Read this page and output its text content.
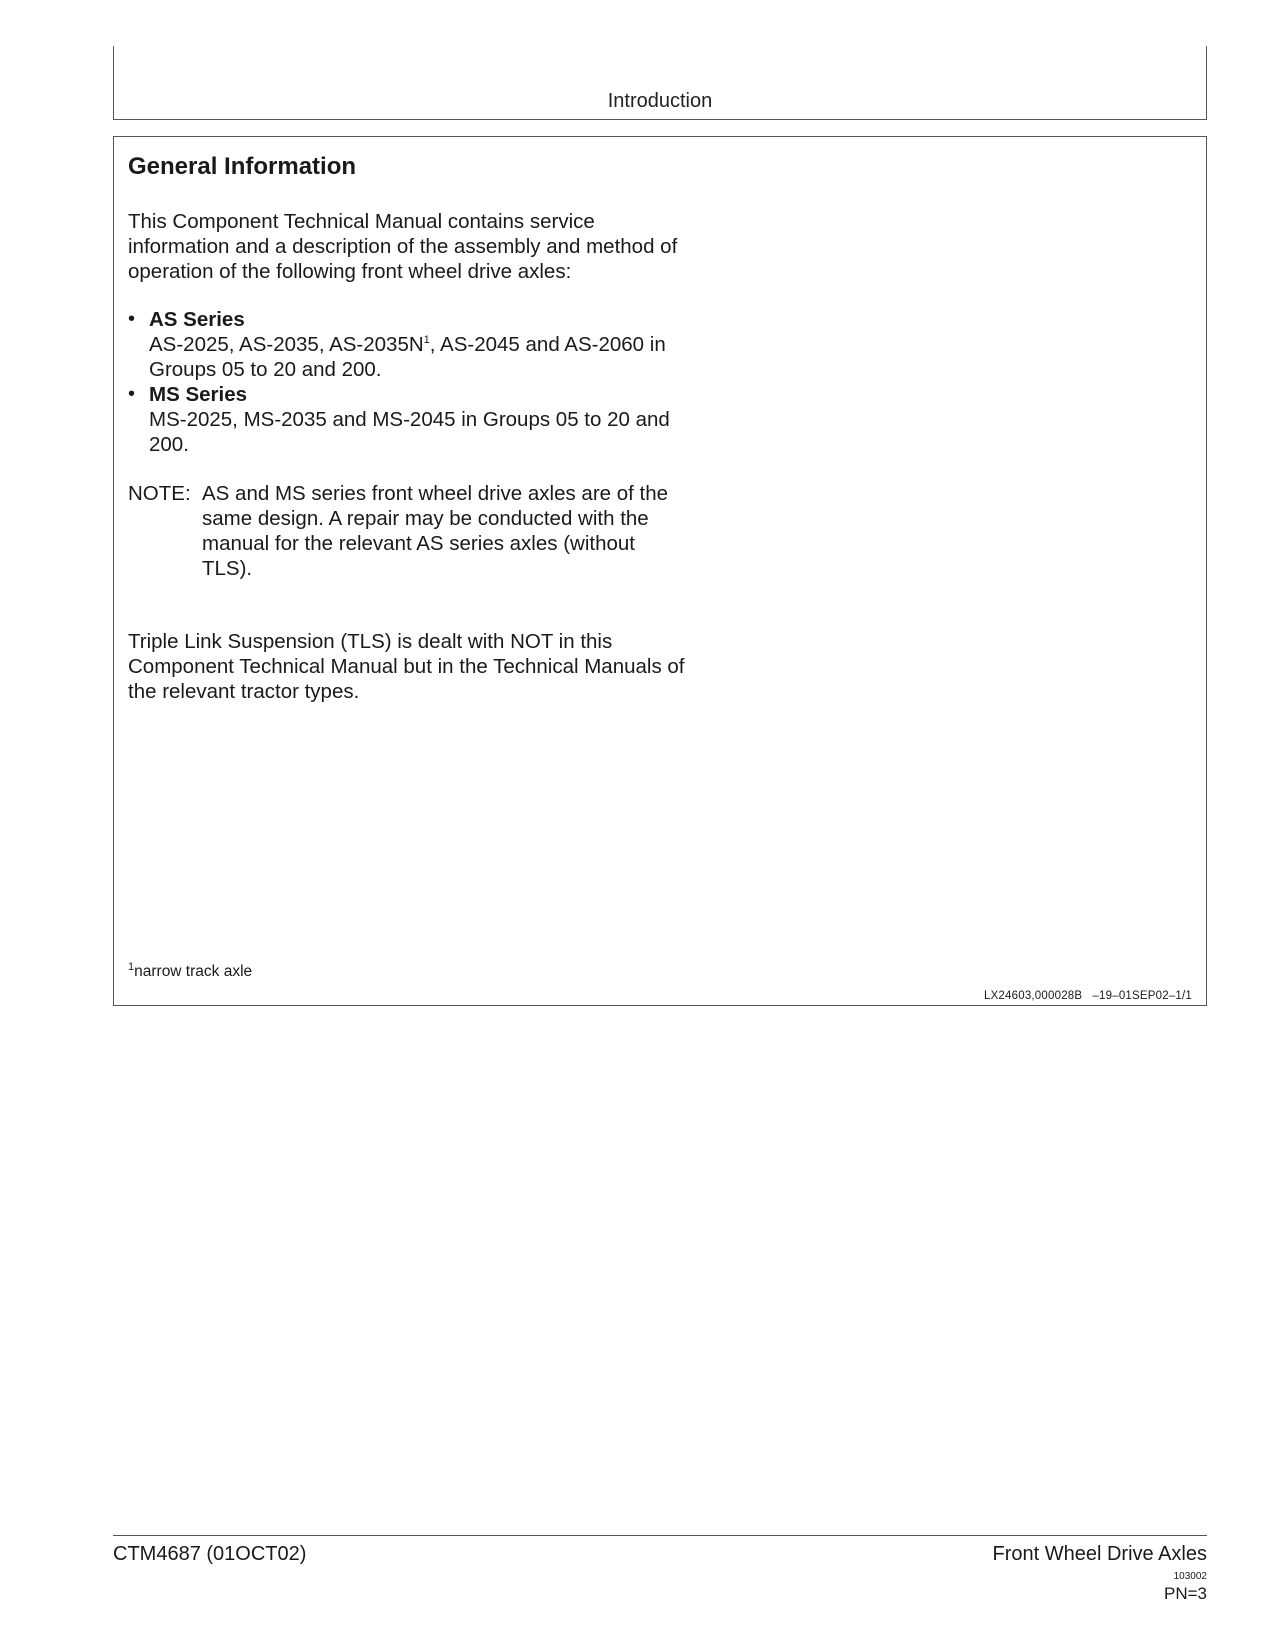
Introduction
General Information

This Component Technical Manual contains service information and a description of the assembly and method of operation of the following front wheel drive axles:

• AS Series
AS-2025, AS-2035, $AS-2035N^1$, AS-2045 and AS-2060 in Groups 05 to 20 and 200.
• MS Series
MS-2025, MS-2035 and MS-2045 in Groups 05 to 20 and 200.
NOTE: AS and MS series front wheel drive axles are of the same design. A repair may be conducted with the manual for the relevant AS series axles (without TLS).

Triple Link Suspension (TLS) is dealt with NOT in this Component Technical Manual but in the Technical Manuals of the relevant tractor types.

$^1$narrow track axle
LX24603,000028B   –19–01SEP02–1/1
CTM4687 (01OCT02)	Front Wheel Drive Axles
103002
PN=3
